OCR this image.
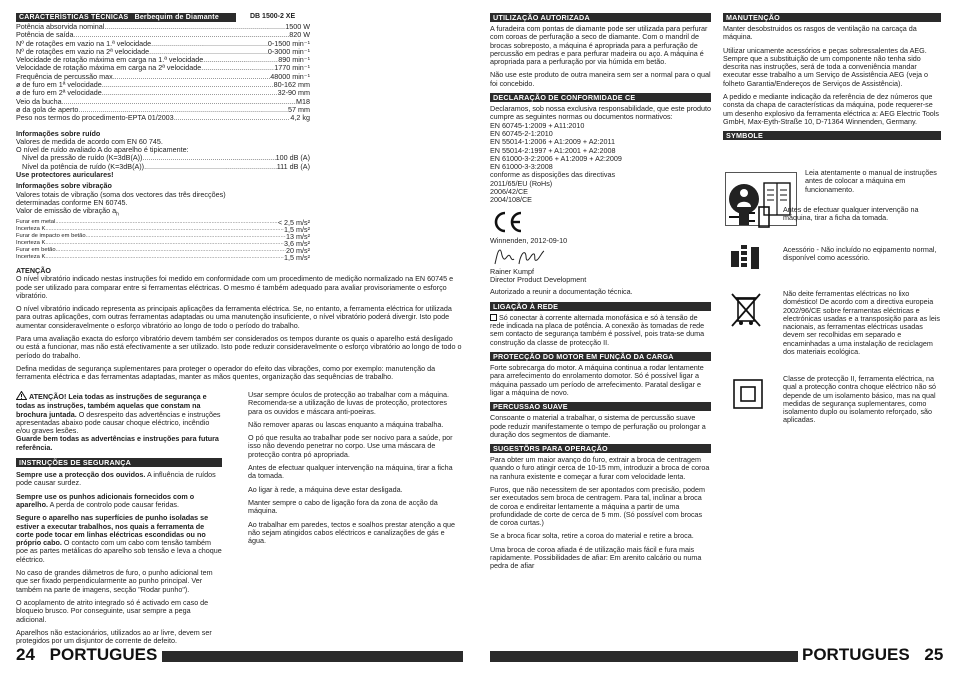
CARACTERÍSTICAS TÉCNICAS Berbequim de Diamante	DB 1500-2 XE
Potência absorvida nominal .....	1500 W
Potência de saída .....	820 W
Nº de rotações em vazio na 1.ª velocidade .....	0-1500 min⁻¹
Nº de rotações em vazio na 2ª velocidade .....	0-3000 min⁻¹
Velocidade de rotação máxima em carga na 1.ª velocidade .....	890 min⁻¹
Velocidade de rotação máxima em carga na 2ª velocidade .....	1770 min⁻¹
Frequência de percussão max .....	48000 min⁻¹
ø de furo em 1ª velocidade .....	80-162 mm
ø de furo em 2ª velocidade .....	32-90 mm
Veio da bucha .....	M18
ø da gola de aperto .....	57 mm
Peso nos termos do procedimento-EPTA 01/2003 .....	4,2 kg
Informações sobre ruído
Valores de medida de acordo com EN 60 745.
O nível de ruído avaliado A do aparelho é tipicamente:
Nível da pressão de ruído (K=3dB(A)) .....	100 dB (A)
Nível da potência de ruído (K=3dB(A)) .....	111 dB (A)
Use protectores auriculares!
Informações sobre vibração
Valores totais de vibração (soma dos vectores das três direcções) determinadas conforme EN 60745.
Valor de emissão de vibração $a_h$
Furar em metal .....	< 2,5 m/s²
Incerteza K .....	1,5 m/s²
Furar de impacto em betão .....	13 m/s²
Incerteza K .....	3,6 m/s²
Furar em betão .....	20 m/s²
Incerteza K .....	1,5 m/s²
ATENÇÃO

O nível vibratório indicado nestas instruções foi medido em conformidade com um procedimento de medição normalizado na EN 60745 e pode ser utilizado para comparar entre si ferramentas eléctricas. O mesmo é também adequado para avaliar provisoriamente o esforço vibratório.

O nível vibratório indicado representa as principais aplicações da ferramenta eléctrica. Se, no entanto, a ferramenta eléctrica for utilizada para outras aplicações, com outras ferramentas adaptadas ou uma manutenção insuficiente, o nível vibratório poderá divergir. Isto pode aumentar consideravelmente o esforço vibratório ao longo de todo o período do trabalho.

Para uma avaliação exacta do esforço vibratório devem também ser considerados os tempos durante os quais o aparelho está desligado ou está a funcionar, mas não está efectivamente a ser utilizado. Isto pode reduzir consideravelmente o esforço vibratório ao longo de todo o período do trabalho.

Defina medidas de segurança suplementares para proteger o operador do efeito das vibrações, como por exemplo: manutenção da ferramenta eléctrica e das ferramentas adaptadas, manter as mãos quentes, organização das sequências de trabalho.

ATENÇÃO! Leia todas as instruções de segurança e todas as instruções, também aquelas que constam na brochura juntada. O desrespeito das advertências e instruções apresentadas abaixo pode causar choque eléctrico, incêndio e/ou graves lesões.
Guarde bem todas as advertências e instruções para futura referência.
INSTRUÇÕES DE SEGURANÇA

Sempre use a protecção dos ouvidos. A influência de ruídos pode causar surdez.

Sempre use os punhos adicionais fornecidos com o aparelho. A perda de controlo pode causar feridas.

Segure o aparelho nas superfícies de punho isoladas se estiver a executar trabalhos, nos quais a ferramenta de corte pode tocar em linhas eléctricas escondidas ou no próprio cabo. O contacto com um cabo com tensão também poe as partes metálicas do aparelho sob tensão e leva a choque eléctrico.

No caso de grandes diâmetros de furo, o punho adicional tem que ser fixado perpendicularmente ao punho principal. Ver também na parte de imagens, secção "Rodar punho").

O acoplamento de atrito integrado só é activado em caso de bloqueio brusco. Por conseguinte, usar sempre a pega adicional.

Aparelhos não estacionários, utilizados ao ar livre, devem ser protegidos por um disjuntor de corrente de defeito.

Usar sempre óculos de protecção ao trabalhar com a máquina. Recomenda-se a utilização de luvas de protecção, protectores para os ouvidos e máscara anti-poeiras.

Não remover aparas ou lascas enquanto a máquina trabalha.

O pó que resulta ao trabalhar pode ser nocivo para a saúde, por isso não devendo penetrar no corpo. Use uma máscara de protecção contra pó apropriada.

Antes de efectuar qualquer intervenção na máquina, tirar a ficha da tomada.

Ao ligar à rede, a máquina deve estar desligada.

Manter sempre o cabo de ligação fora da zona de acção da máquina.

Ao trabalhar em paredes, tectos e soalhos prestar atenção a que não sejam atingidos cabos eléctricos e canalizações de gás e água.

24 PORTUGUES
UTILIZAÇÃO AUTORIZADA

A furadeira com pontas de diamante pode ser utilizada para perfurar com coroas de perfuração a seco de diamante. Com o mandril de brocas sobreposto, a máquina é apropriada para a perfuração de percussão em pedras e para perfurar madeira ou aço. A máquina é apropriada para a perfuração por via húmida em betão.

Não use este produto de outra maneira sem ser a normal para o qual foi concebido.

DECLARAÇÃO DE CONFORMIDADE CE
Declaramos, sob nossa exclusiva responsabilidade, que este produto cumpre as seguintes normas ou documentos normativos:
EN 60745-1:2009 + A11:2010
EN 60745-2-1:2010
EN 55014-1:2006 + A1:2009 + A2:2011
EN 55014-2:1997 + A1:2001 + A2:2008
EN 61000-3-2:2006 + A1:2009 + A2:2009
EN 61000-3-3:2008
conforme as disposições das directivas
2011/65/EU (RoHs)
2006/42/CE
2004/108/CE
Winnenden, 2012-09-10
Rainer Kumpf
Director Product Development
Autorizado a reunir a documentação técnica.
LIGAÇÃO À REDE

Só conectar à corrente alternada monofásica e só à tensão de rede indicada na placa de potência. A conexão às tomadas de rede sem contacto de segurança também é possível, pois trata-se duma construção da classe de protecção II.

PROTECÇÃO DO MOTOR EM FUNÇÃO DA CARGA

Forte sobrecarga do motor. A máquina continua a rodar lentamente para arrefecimento do enrolamento domotor. Só é possível ligar a máquina passado um período de arrefecimento. Paratal desligar e ligar a máquina de novo.

PERCUSSAO SUAVE

Consoante o material a trabalhar, o sistema de percussão suave pode reduzir manifestamente o tempo de perfuração ou prolongar a duração dos segmentos de diamante.

SUGESTÕRS PARA OPERAÇÃO

Para obter um maior avanço do furo, extrair a broca de centragem quando o furo atingir cerca de 10-15 mm, introduzir a broca de coroa na ranhura existente e começar a furar com velocidade lenta.

Furos, que não necessitem de ser apontados com precisão, podem ser executados sem broca de centragem. Para tal, inclinar a broca de coroa e endireitar lentamente a máquina a partir de uma profundidade de corte de cerca de 5 mm. (Só possível com brocas de coroa curtas.)

Se a broca ficar solta, retire a coroa do material e retire a broca.

Uma broca de coroa afiada é de utilização mais fácil e fura mais rapidamente. Possibilidades de afiar: Em arenito calcário ou numa pedra de afiar

MANUTENÇÃO

Manter desobstruidos os rasgos de ventilação na carcaça da máquina.

Utilizar unicamente acessórios e peças sobressalentes da AEG. Sempre que a substituição de um componente não tenha sido descrita nas instruções, será de toda a conveniência mandar executar esse trabalho a um Serviço de Assistência AEG (veja o folheto Garantia/Endereços de Serviços de Assistência).

A pedido e mediante indicação da referência de dez números que consta da chapa de características da máquina, pode requerer-se um desenho explosivo da ferramenta eléctrica a: AEG Electric Tools GmbH, Max-Eyth-Straße 10, D-71364 Winnenden, Germany.

SYMBOLE
Leia atentamente o manual de instruções antes de colocar a máquina em funcionamento.
Antes de efectuar qualquer intervenção na máquina, tirar a ficha da tomada.
Acessório - Não incluído no eqipamento normal, disponível como acessório.
Não deite ferramentas eléctricas no lixo doméstico! De acordo com a directiva europeia 2002/96/CE sobre ferramentas eléctricas e electrónicas usadas e a transposição para as leis nacionais, as ferramentas eléctricas usadas devem ser recolhidas em separado e encaminhadas a uma instalação de reciclagem dos materiais ecológica.
Classe de protecção II, ferramenta eléctrica, na qual a protecção contra choque eléctrico não só depende de um isolamento básico, mas na qual medidas de segurança suplementares, como isolamento duplo ou isolamento reforçado, são aplicadas.
PORTUGUES 25
